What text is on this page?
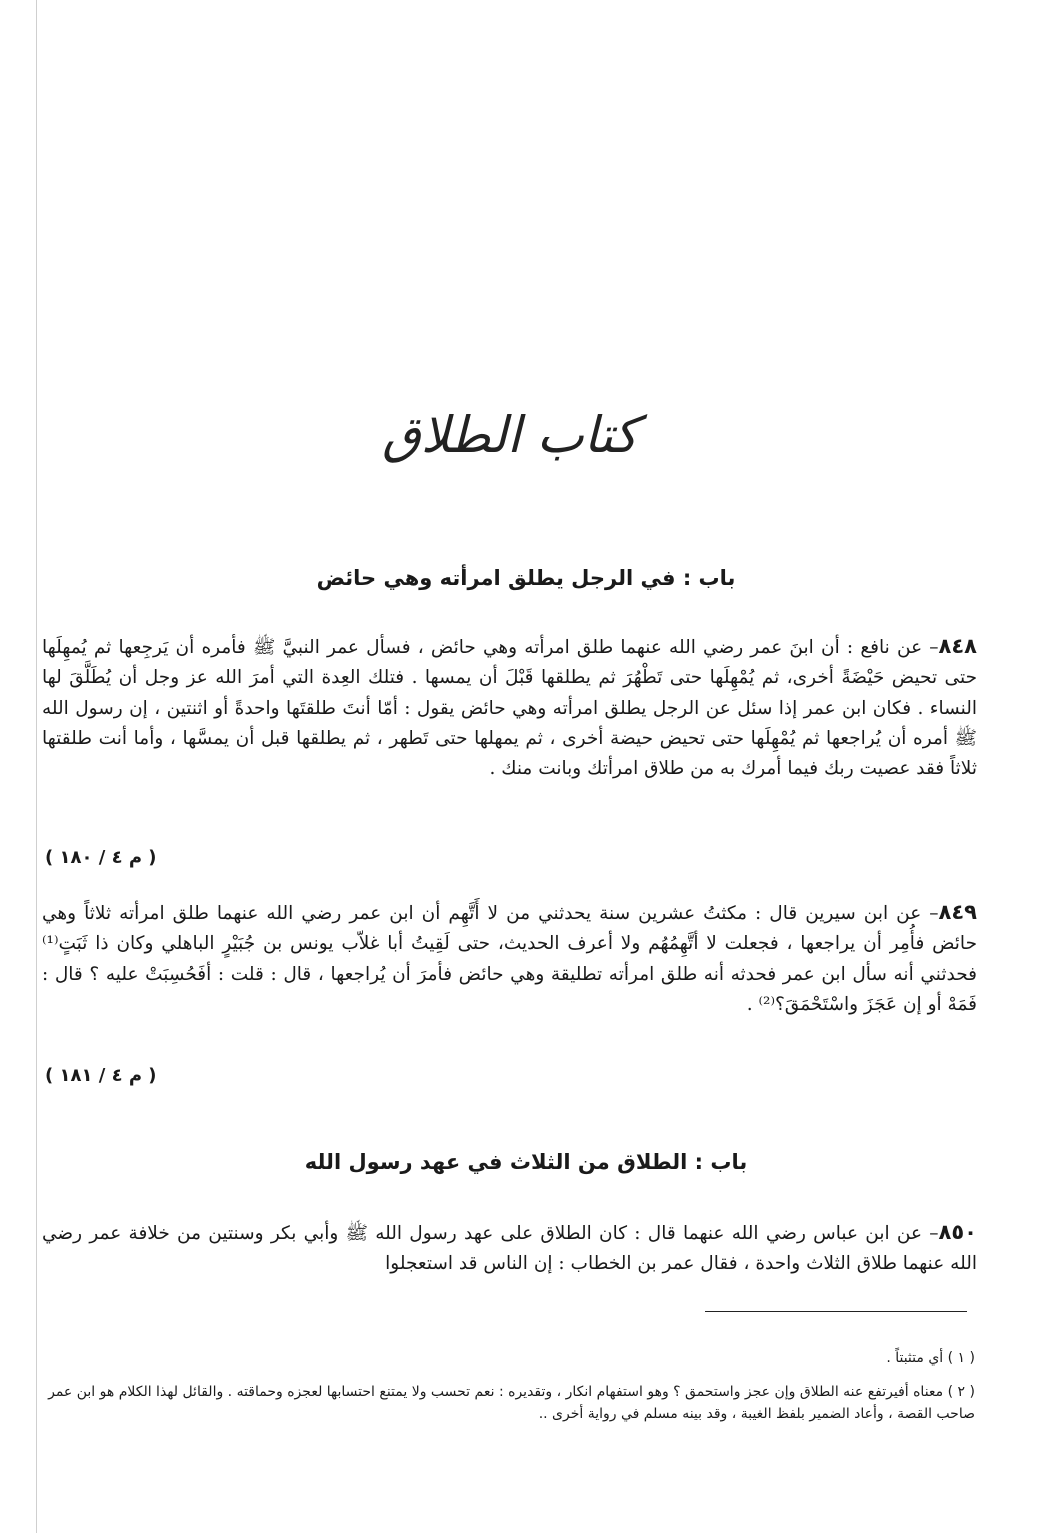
كتاب الطلاق
باب : في الرجل يطلق امرأته وهي حائض
٨٤٨– عن نافع : أن ابنَ عمر رضي الله عنهما طلق امرأته وهي حائض ، فسأل عمر النبيَّ ﷺ فأمره أن يَرجِعها ثم يُمهِلَها حتى تحيض حَيْضَةً أخرى، ثم يُمْهِلَها حتى تَطْهُرَ ثم يطلقها قَبْلَ أن يمسها . فتلك العِدة التي أمرَ الله عز وجل أن يُطَلَّقَ لها النساء . فكان ابن عمر إذا سئل عن الرجل يطلق امرأته وهي حائض يقول : أمّا أنتَ طلقتَها واحدةً أو اثنتين ، إن رسول الله ﷺ أمره أن يُراجعها ثم يُمْهِلَها حتى تحيض حيضة أخرى ، ثم يمهلها حتى تَطهر ، ثم يطلقها قبل أن يمسَّها ، وأما أنت طلقتها ثلاثاً فقد عصيت ربك فيما أمرك به من طلاق امرأتك وبانت منك .
( م ٤ / ١٨٠ )
٨٤٩– عن ابن سيرين قال : مكثتُ عشرين سنة يحدثني من لا أَتَّهِم أن ابن عمر رضي الله عنهما طلق امرأته ثلاثاً وهي حائض فأُمِر أن يراجعها ، فجعلت لا أتَّهِمُهُم ولا أعرف الحديث، حتى لَقِيتُ أبا غلاّب يونس بن جُبَيْرٍ الباهلي وكان ذا ثَبَتٍ⁽¹⁾ فحدثني أنه سأل ابن عمر فحدثه أنه طلق امرأته تطليقة وهي حائض فأمرَ أن يُراجعها ، قال : قلت : أفَحُسِبَتْ عليه ؟ قال : فَمَهْ أو إن عَجَزَ واسْتَحْمَقَ؟⁽²⁾ .
( م ٤ / ١٨١ )
باب : الطلاق من الثلاث في عهد رسول الله
٨٥٠– عن ابن عباس رضي الله عنهما قال : كان الطلاق على عهد رسول الله ﷺ وأبي بكر وسنتين من خلافة عمر رضي الله عنهما طلاق الثلاث واحدة ، فقال عمر بن الخطاب : إن الناس قد استعجلوا
( ١ ) أي متثبتاً .
( ٢ ) معناه أفيرتفع عنه الطلاق وإن عجز واستحمق ؟ وهو استفهام انكار ، وتقديره : نعم تحسب ولا يمتنع احتسابها لعجزه وحماقته . والقائل لهذا الكلام هو ابن عمر صاحب القصة ، وأعاد الضمير بلفظ الغيبة ، وقد بينه مسلم في رواية أخرى ..
